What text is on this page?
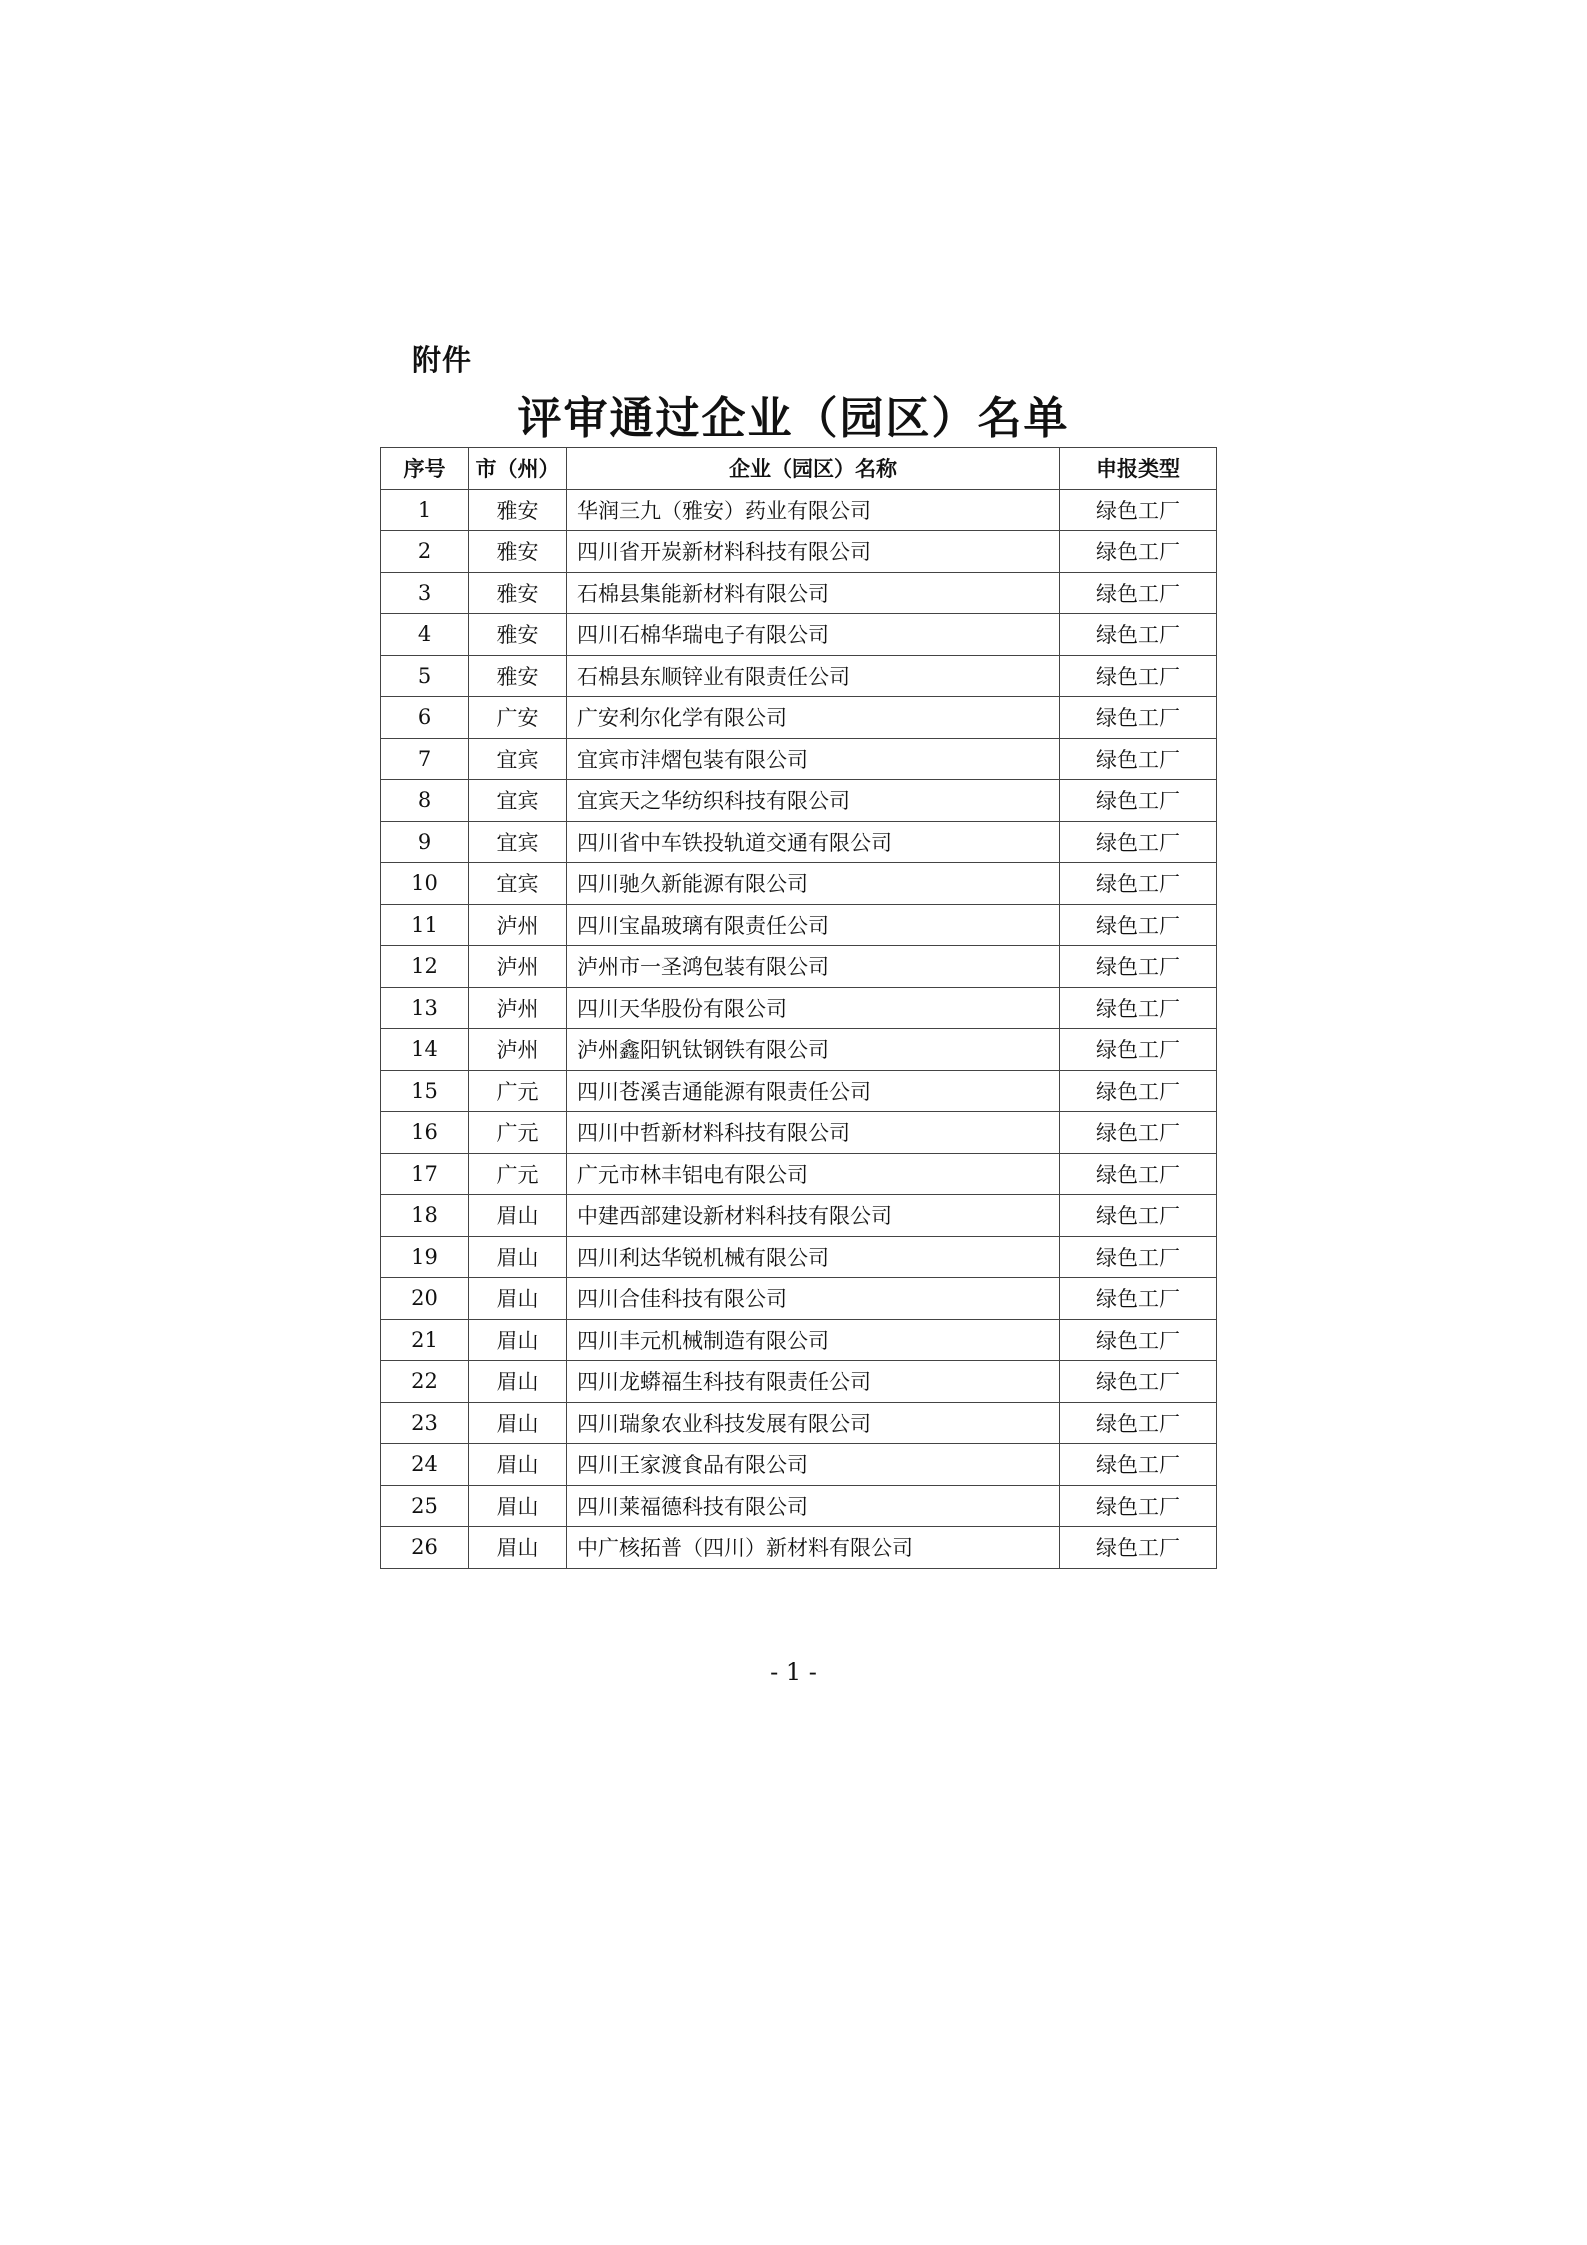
附件
评审通过企业（园区）名单
序号	市（州）	企业（园区）名称	申报类型
1	雅安	华润三九（雅安）药业有限公司	绿色工厂
2	雅安	四川省开炭新材料科技有限公司	绿色工厂
3	雅安	石棉县集能新材料有限公司	绿色工厂
4	雅安	四川石棉华瑞电子有限公司	绿色工厂
5	雅安	石棉县东顺锌业有限责任公司	绿色工厂
6	广安	广安利尔化学有限公司	绿色工厂
7	宜宾	宜宾市沣熠包装有限公司	绿色工厂
8	宜宾	宜宾天之华纺织科技有限公司	绿色工厂
9	宜宾	四川省中车铁投轨道交通有限公司	绿色工厂
10	宜宾	四川驰久新能源有限公司	绿色工厂
11	泸州	四川宝晶玻璃有限责任公司	绿色工厂
12	泸州	泸州市一圣鸿包装有限公司	绿色工厂
13	泸州	四川天华股份有限公司	绿色工厂
14	泸州	泸州鑫阳钒钛钢铁有限公司	绿色工厂
15	广元	四川苍溪吉通能源有限责任公司	绿色工厂
16	广元	四川中哲新材料科技有限公司	绿色工厂
17	广元	广元市林丰铝电有限公司	绿色工厂
18	眉山	中建西部建设新材料科技有限公司	绿色工厂
19	眉山	四川利达华锐机械有限公司	绿色工厂
20	眉山	四川合佳科技有限公司	绿色工厂
21	眉山	四川丰元机械制造有限公司	绿色工厂
22	眉山	四川龙蟒福生科技有限责任公司	绿色工厂
23	眉山	四川瑞象农业科技发展有限公司	绿色工厂
24	眉山	四川王家渡食品有限公司	绿色工厂
25	眉山	四川莱福德科技有限公司	绿色工厂
26	眉山	中广核拓普（四川）新材料有限公司	绿色工厂
- 1 -
